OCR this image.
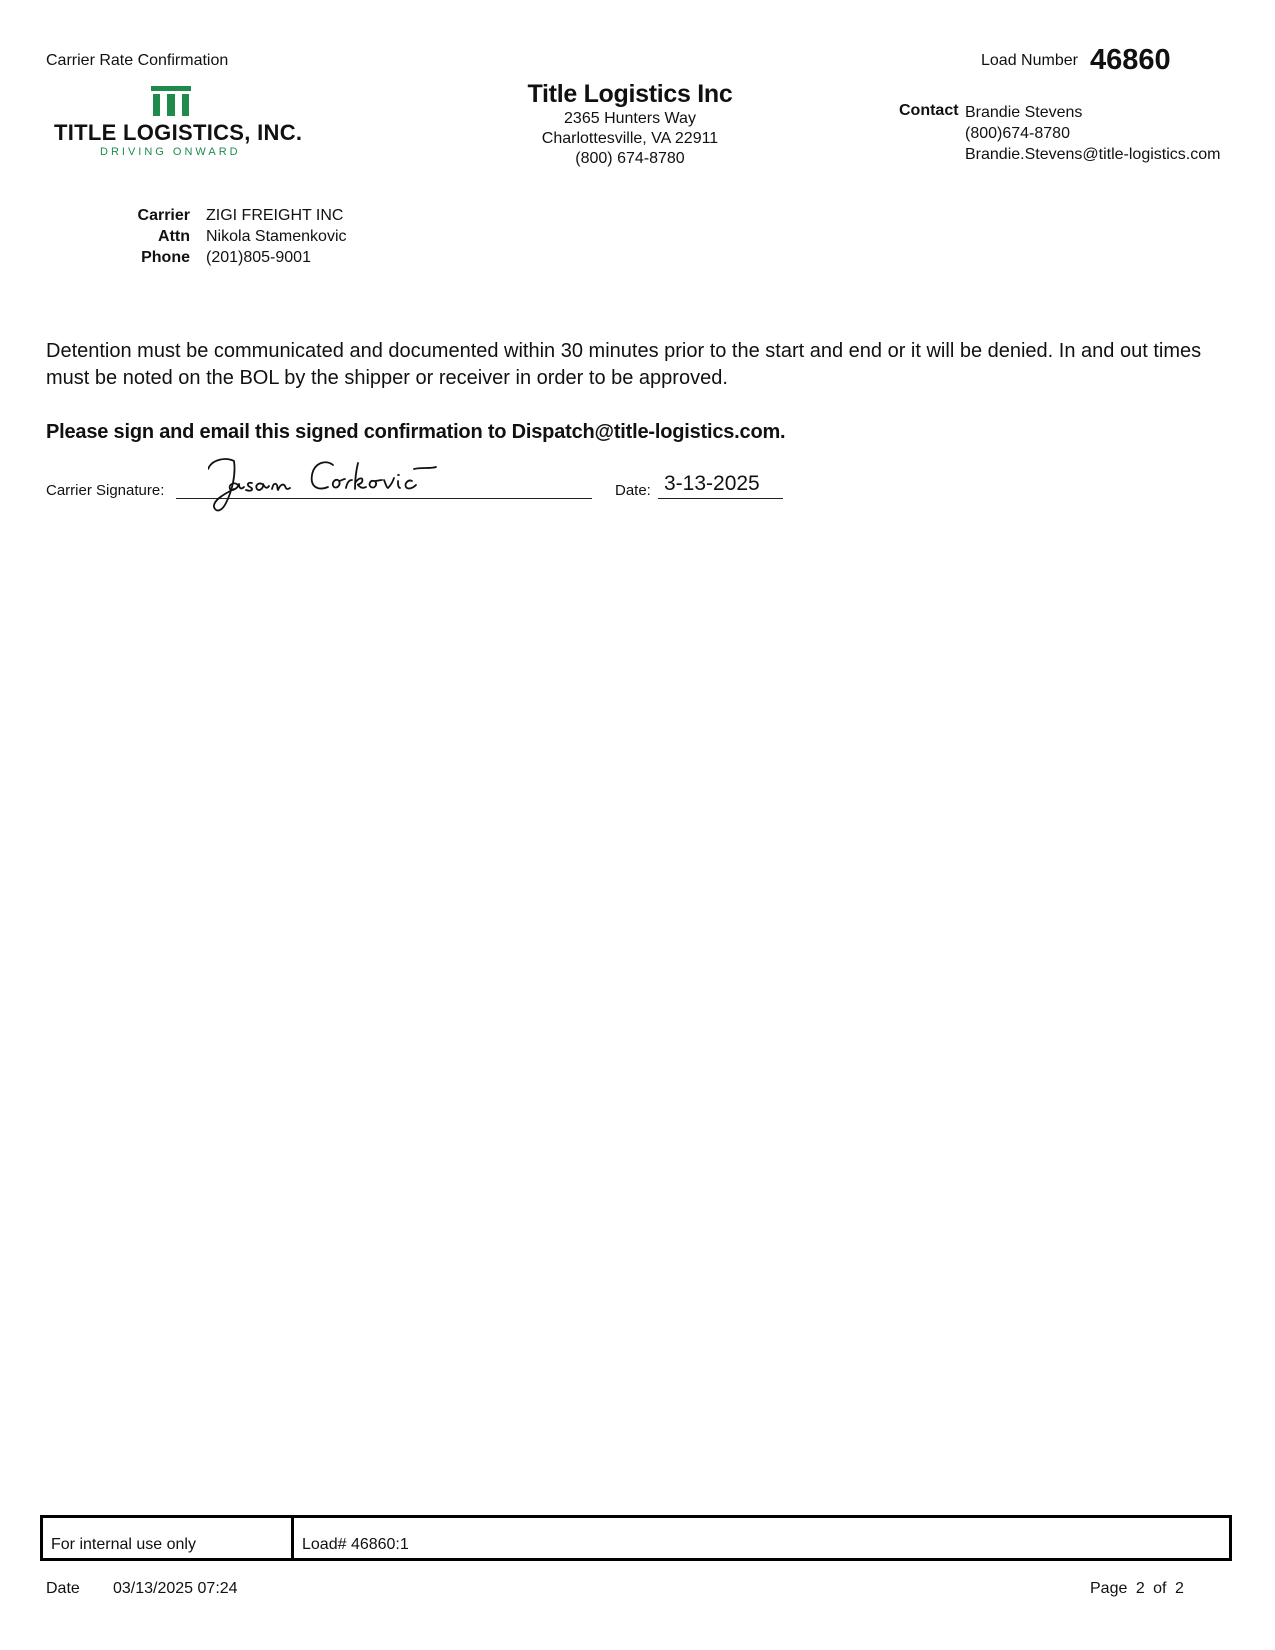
Carrier Rate Confirmation
TITLE LOGISTICS, INC.
DRIVING ONWARD
Title Logistics Inc
2365 Hunters Way
Charlottesville, VA 22911
(800) 674-8780
Load Number 46860
Contact Brandie Stevens
(800)674-8780
Brandie.Stevens@title-logistics.com
Carrier ZIGI FREIGHT INC
Attn Nikola Stamenkovic
Phone (201)805-9001
Detention must be communicated and documented within 30 minutes prior to the start and end or it will be denied. In and out times must be noted on the BOL by the shipper or receiver in order to be approved.
Please sign and email this signed confirmation to Dispatch@title-logistics.com.
Carrier Signature:	Date: 3-13-2025
For internal use only	Load# 46860:1
Date 03/13/2025 07:24	Page 2 of 2
